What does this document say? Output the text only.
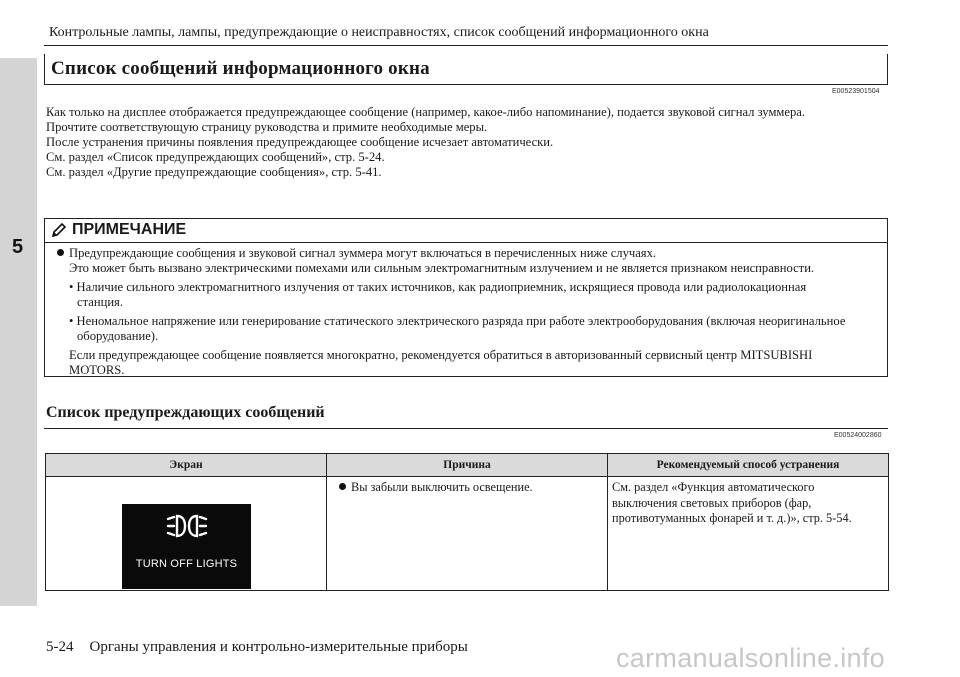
5
Контрольные лампы, лампы, предупреждающие о неисправностях, список сообщений информационного окна
Список сообщений информационного окна
E00523901504
Как только на дисплее отображается предупреждающее сообщение (например, какое-либо напоминание), подается звуковой сигнал зуммера.
Прочтите соответствующую страницу руководства и примите необходимые меры.
После устранения причины появления предупреждающее сообщение исчезает автоматически.
См. раздел «Список предупреждающих сообщений», стр. 5-24.
См. раздел «Другие предупреждающие сообщения», стр. 5-41.
ПРИМЕЧАНИЕ
Предупреждающие сообщения и звуковой сигнал зуммера могут включаться в перечисленных ниже случаях.
Это может быть вызвано электрическими помехами или сильным электромагнитным излучением и не является признаком неисправности.
• Наличие сильного электромагнитного излучения от таких источников, как радиоприемник, искрящиеся провода или радиолокационная
станция.
• Неномальное напряжение или генерирование статического электрического разряда при работе электрооборудования (включая неоригинальное
оборудование).
Если предупреждающее сообщение появляется многократно, рекомендуется обратиться в авторизованный сервисный центр MITSUBISHI
MOTORS.
Список предупреждающих сообщений
E00524002860
Экран	Причина	Рекомендуемый способ устранения

TURN OFF LIGHTS	Вы забыли выключить освещение.	См. раздел «Функция автоматического
выключения световых приборов (фар,
противотуманных фонарей и т. д.)», стр. 5-54.
5-24 Органы управления и контрольно-измерительные приборы	carmanualsonline.info
